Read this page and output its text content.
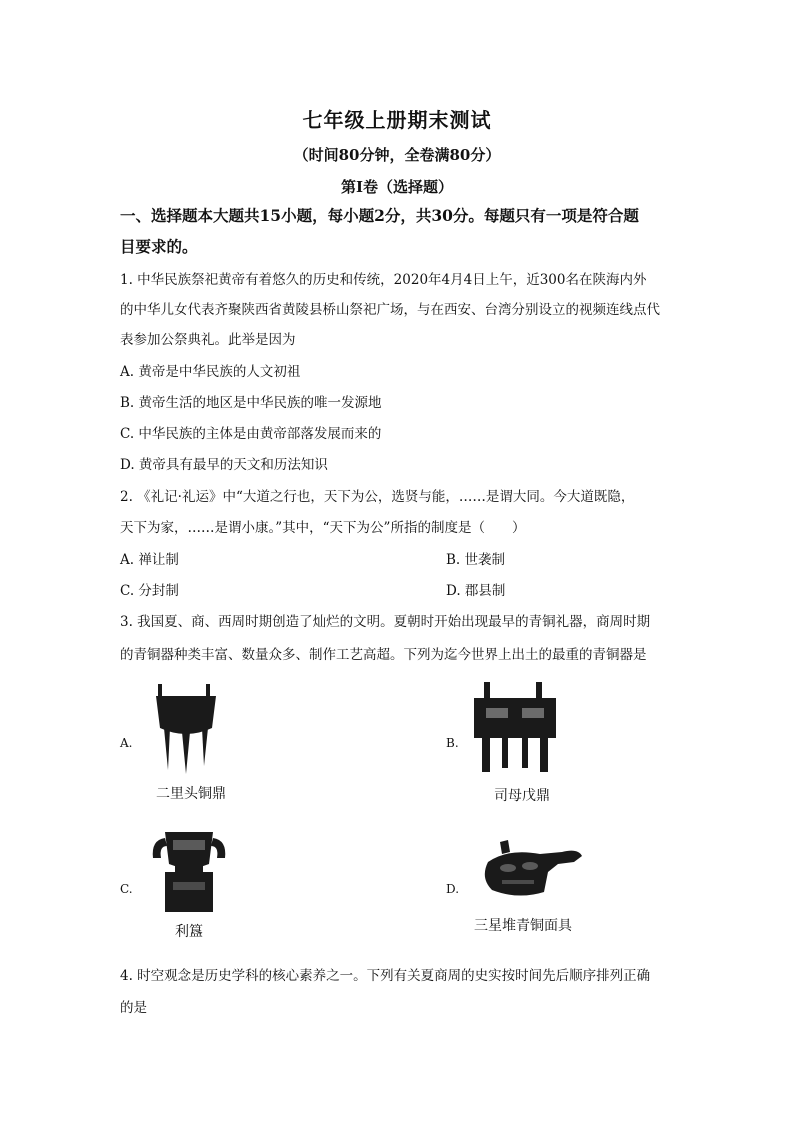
七年级上册期末测试
（时间80分钟，全卷满80分）
第Ⅰ卷（选择题）
一、选择题本大题共15小题，每小题2分，共30分。每题只有一项是符合题
目要求的。
1. 中华民族祭祀黄帝有着悠久的历史和传统，2020年4月4日上午，近300名在陕海内外
的中华儿女代表齐聚陕西省黄陵县桥山祭祀广场，与在西安、台湾分别设立的视频连线点代
表参加公祭典礼。此举是因为
A. 黄帝是中华民族的人文初祖
B. 黄帝生活的地区是中华民族的唯一发源地
C. 中华民族的主体是由黄帝部落发展而来的
D. 黄帝具有最早的天文和历法知识
2. 《礼记·礼运》中“大道之行也，天下为公，选贤与能，……是谓大同。今大道既隐，
天下为家，……是谓小康。”其中，“天下为公”所指的制度是（　　）
A. 禅让制	B. 世袭制
C. 分封制	D. 郡县制
3. 我国夏、商、西周时期创造了灿烂的文明。夏朝时开始出现最早的青铜礼器，商周时期
的青铜器种类丰富、数量众多、制作工艺高超。下列为迄今世界上出土的最重的青铜器是
A.
二里头铜鼎
B.
司母戊鼎
C.
利簋
D.
三星堆青铜面具
4. 时空观念是历史学科的核心素养之一。下列有关夏商周的史实按时间先后顺序排列正确
的是
